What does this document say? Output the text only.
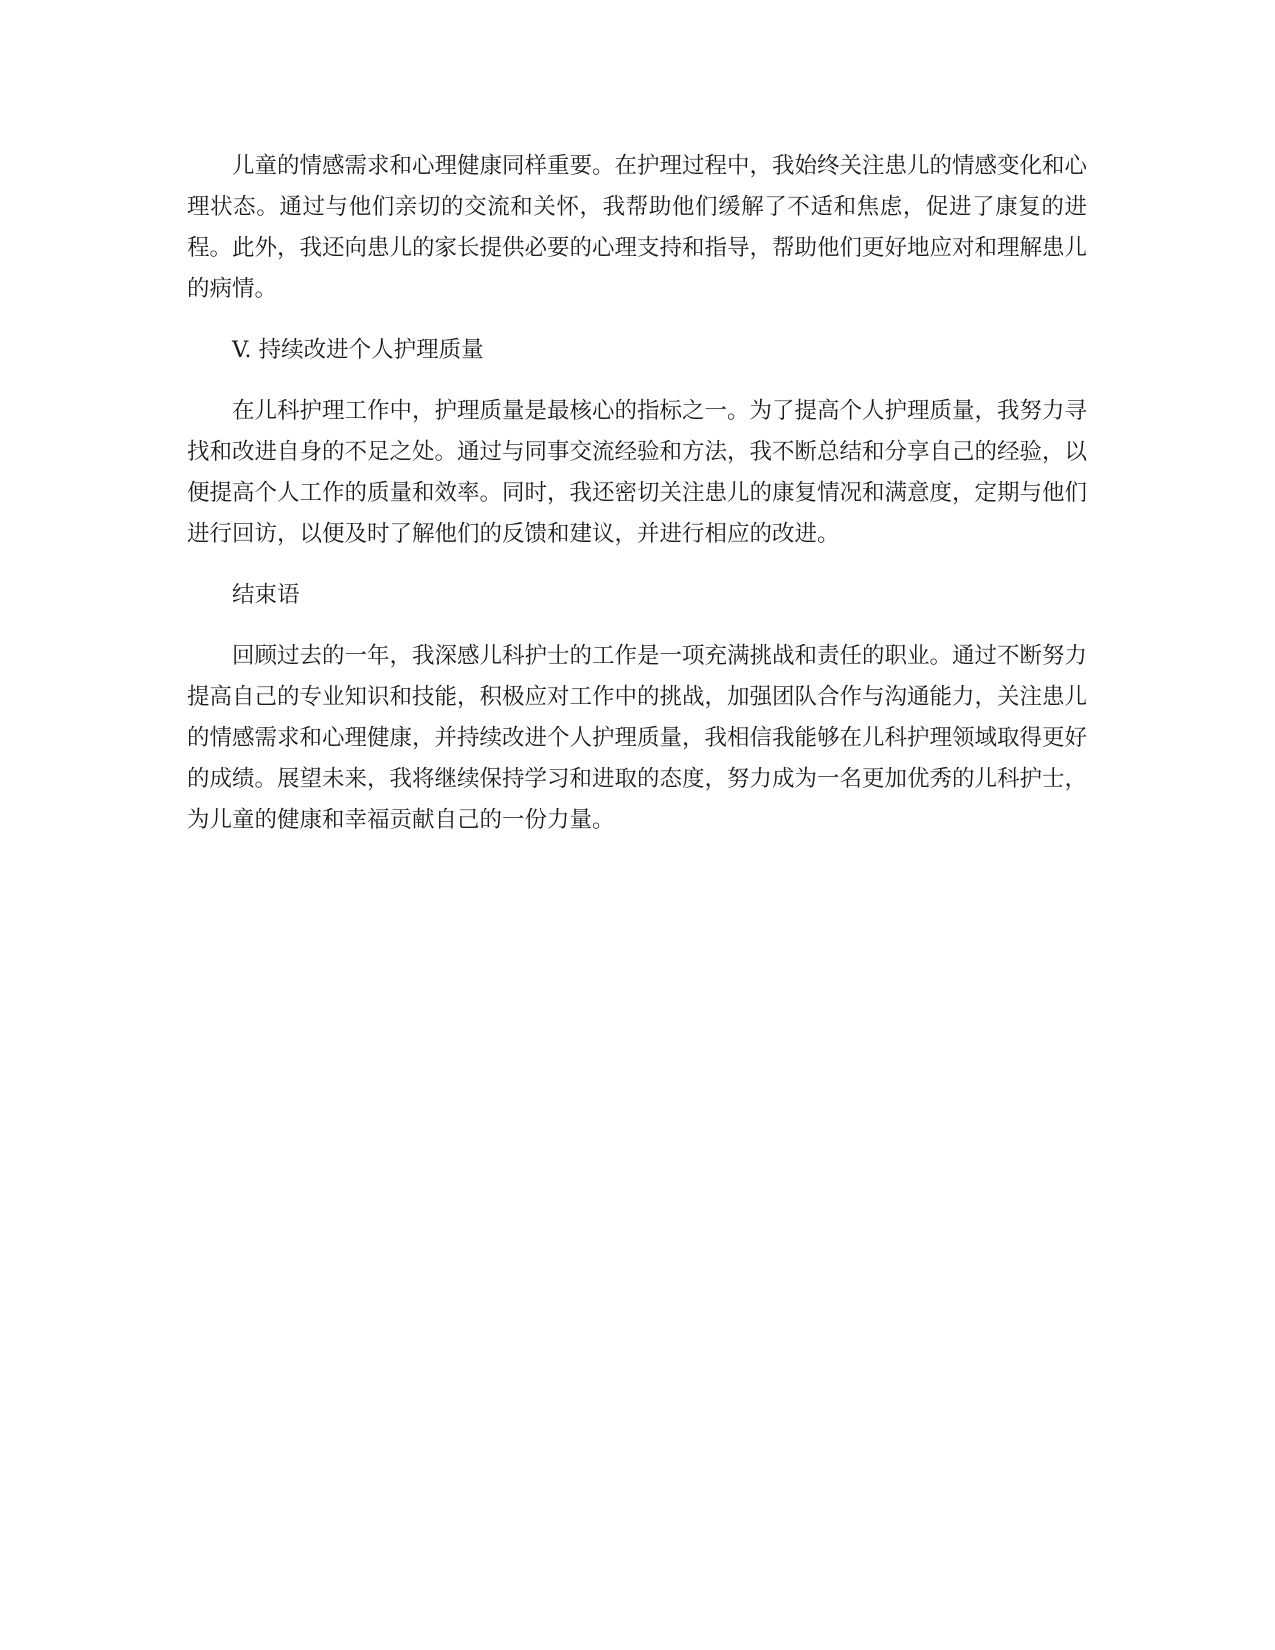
儿童的情感需求和心理健康同样重要。在护理过程中，我始终关注患儿的情感变化和心理状态。通过与他们亲切的交流和关怀，我帮助他们缓解了不适和焦虑，促进了康复的进程。此外，我还向患儿的家长提供必要的心理支持和指导，帮助他们更好地应对和理解患儿的病情。

V. 持续改进个人护理质量

在儿科护理工作中，护理质量是最核心的指标之一。为了提高个人护理质量，我努力寻找和改进自身的不足之处。通过与同事交流经验和方法，我不断总结和分享自己的经验，以便提高个人工作的质量和效率。同时，我还密切关注患儿的康复情况和满意度，定期与他们进行回访，以便及时了解他们的反馈和建议，并进行相应的改进。

结束语

回顾过去的一年，我深感儿科护士的工作是一项充满挑战和责任的职业。通过不断努力提高自己的专业知识和技能，积极应对工作中的挑战，加强团队合作与沟通能力，关注患儿的情感需求和心理健康，并持续改进个人护理质量，我相信我能够在儿科护理领域取得更好的成绩。展望未来，我将继续保持学习和进取的态度，努力成为一名更加优秀的儿科护士，为儿童的健康和幸福贡献自己的一份力量。
